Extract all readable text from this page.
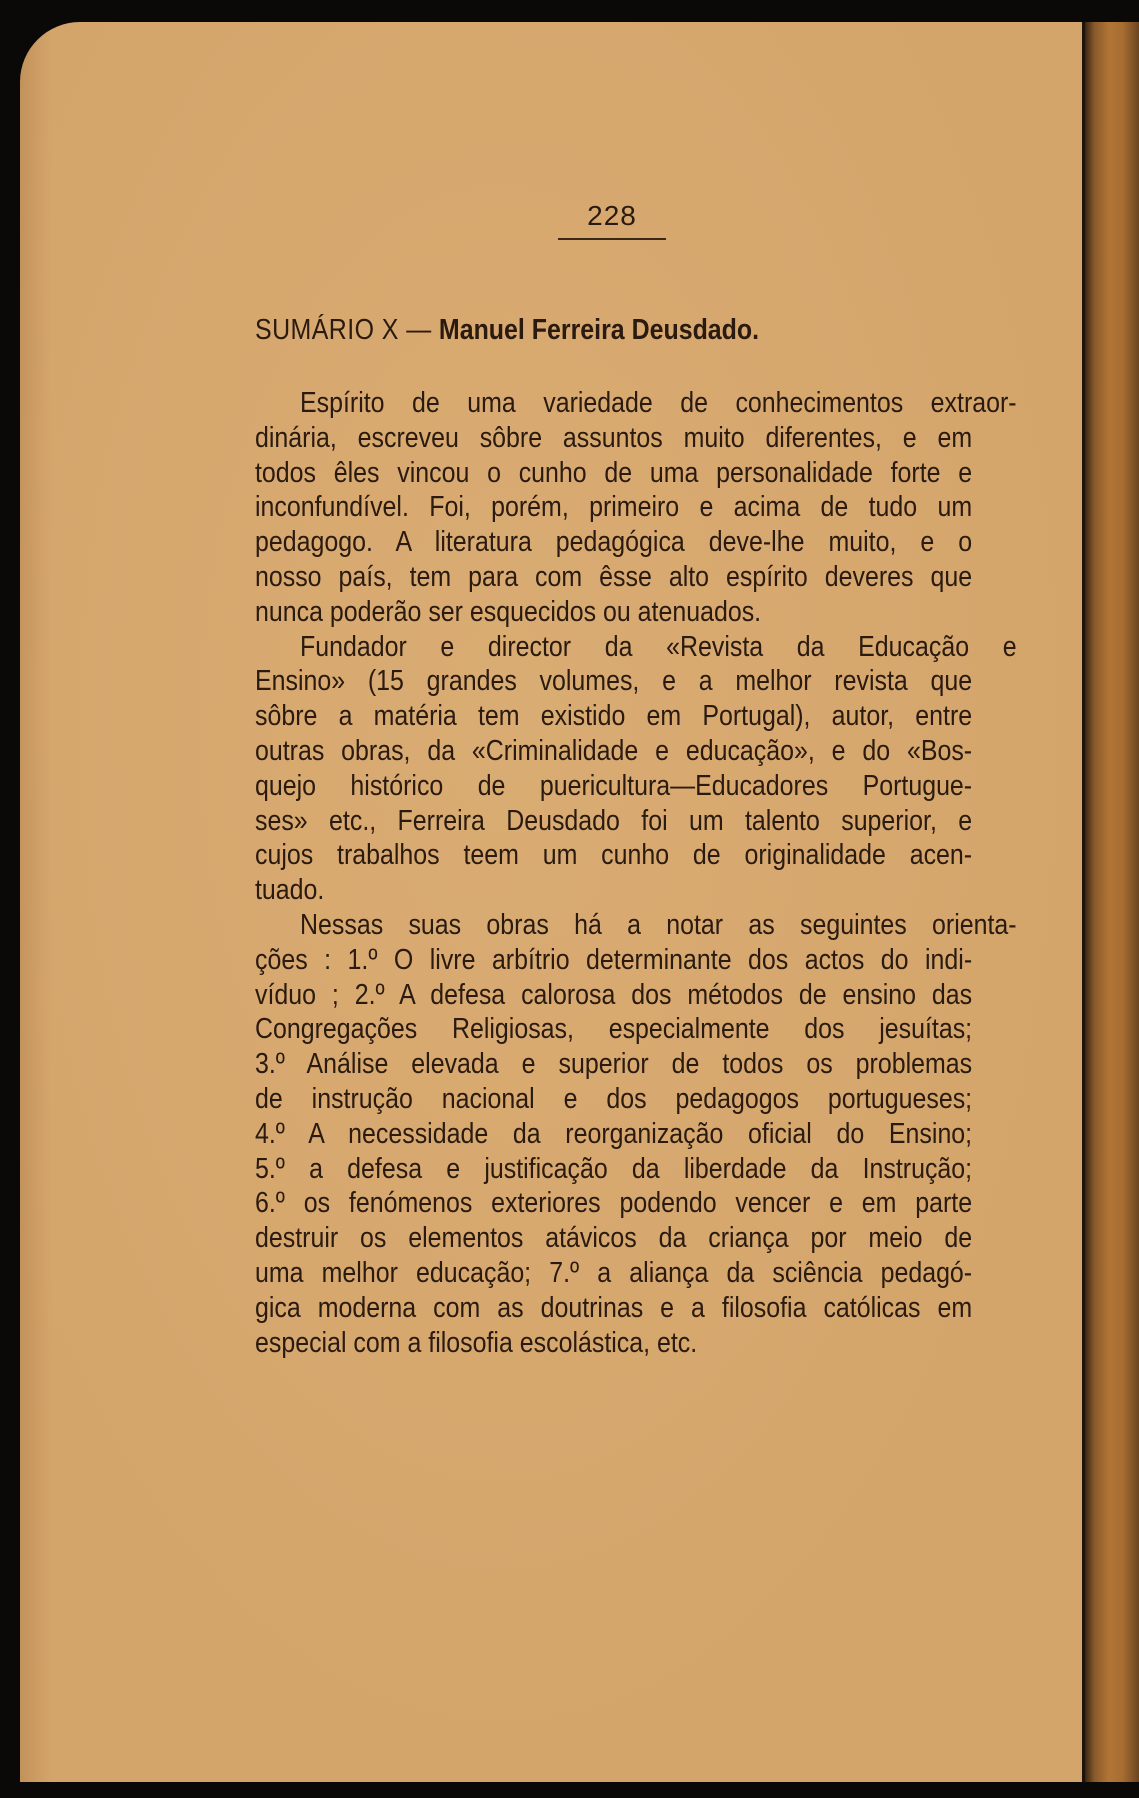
228
SUMÁRIO X — Manuel Ferreira Deusdado.
Espírito de uma variedade de conhecimentos extraor-
dinária, escreveu sôbre assuntos muito diferentes, e em
todos êles vincou o cunho de uma personalidade forte e
inconfundível. Foi, porém, primeiro e acima de tudo um
pedagogo. A literatura pedagógica deve-lhe muito, e o
nosso país, tem para com êsse alto espírito deveres que
nunca poderão ser esquecidos ou atenuados.
Fundador e director da «Revista da Educação e
Ensino» (15 grandes volumes, e a melhor revista que
sôbre a matéria tem existido em Portugal), autor, entre
outras obras, da «Criminalidade e educação», e do «Bos-
quejo histórico de puericultura—Educadores Portugue-
ses» etc., Ferreira Deusdado foi um talento superior, e
cujos trabalhos teem um cunho de originalidade acen-
tuado.
Nessas suas obras há a notar as seguintes orienta-
ções : 1.º O livre arbítrio determinante dos actos do indi-
víduo ; 2.º A defesa calorosa dos métodos de ensino das
Congregações Religiosas, especialmente dos jesuítas;
3.º Análise elevada e superior de todos os problemas
de instrução nacional e dos pedagogos portugueses;
4.º A necessidade da reorganização oficial do Ensino;
5.º a defesa e justificação da liberdade da Instrução;
6.º os fenómenos exteriores podendo vencer e em parte
destruir os elementos atávicos da criança por meio de
uma melhor educação; 7.º a aliança da sciência pedagó-
gica moderna com as doutrinas e a filosofia católicas em
especial com a filosofia escolástica, etc.
